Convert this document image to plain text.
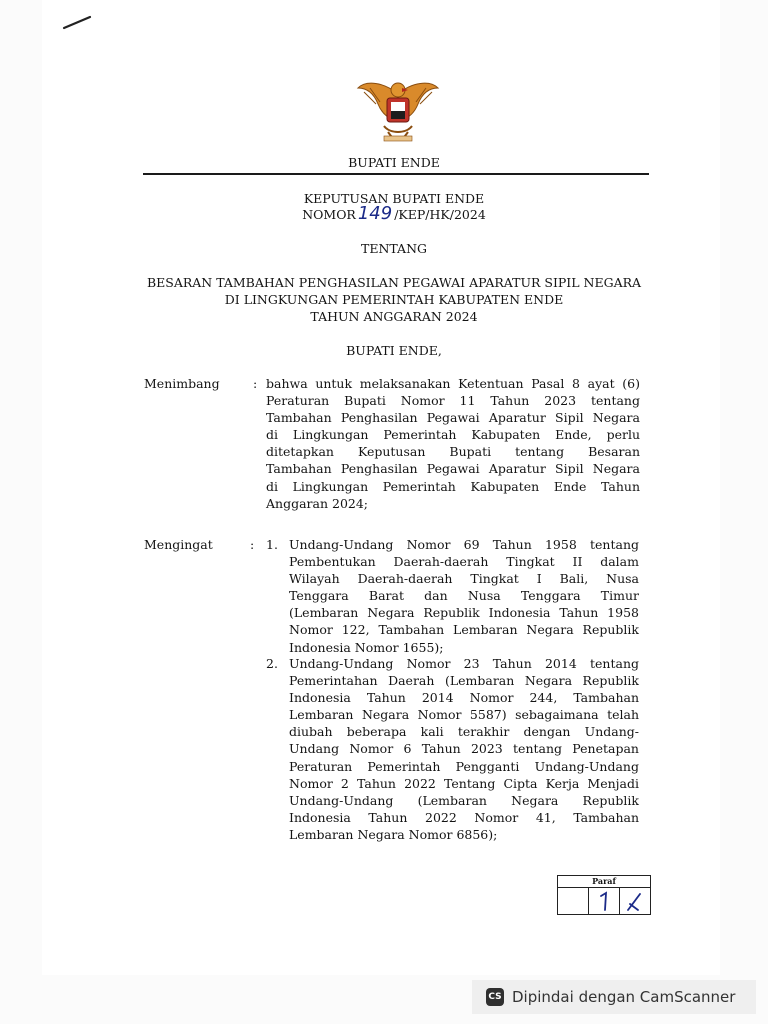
BUPATI ENDE
KEPUTUSAN BUPATI ENDE
NOMOR 149 /KEP/HK/2024
TENTANG
BESARAN TAMBAHAN PENGHASILAN PEGAWAI APARATUR SIPIL NEGARA
DI LINGKUNGAN PEMERINTAH KABUPATEN ENDE
TAHUN ANGGARAN 2024
BUPATI ENDE,
Menimbang	: bahwa untuk melaksanakan Ketentuan Pasal 8 ayat (6)
Peraturan Bupati Nomor 11 Tahun 2023 tentang
Tambahan Penghasilan Pegawai Aparatur Sipil Negara
di Lingkungan Pemerintah Kabupaten Ende, perlu
ditetapkan Keputusan Bupati tentang Besaran
Tambahan Penghasilan Pegawai Aparatur Sipil Negara
di Lingkungan Pemerintah Kabupaten Ende Tahun
Anggaran 2024;
Mengingat	: 1. Undang-Undang Nomor 69 Tahun 1958 tentang
Pembentukan Daerah-daerah Tingkat II dalam
Wilayah Daerah-daerah Tingkat I Bali, Nusa
Tenggara Barat dan Nusa Tenggara Timur
(Lembaran Negara Republik Indonesia Tahun 1958
Nomor 122, Tambahan Lembaran Negara Republik
Indonesia Nomor 1655);
2. Undang-Undang Nomor 23 Tahun 2014 tentang
Pemerintahan Daerah (Lembaran Negara Republik
Indonesia Tahun 2014 Nomor 244, Tambahan
Lembaran Negara Nomor 5587) sebagaimana telah
diubah beberapa kali terakhir dengan Undang-
Undang Nomor 6 Tahun 2023 tentang Penetapan
Peraturan Pemerintah Pengganti Undang-Undang
Nomor 2 Tahun 2022 Tentang Cipta Kerja Menjadi
Undang-Undang (Lembaran Negara Republik
Indonesia Tahun 2022 Nomor 41, Tambahan
Lembaran Negara Nomor 6856);
Paraf
CS Dipindai dengan CamScanner
